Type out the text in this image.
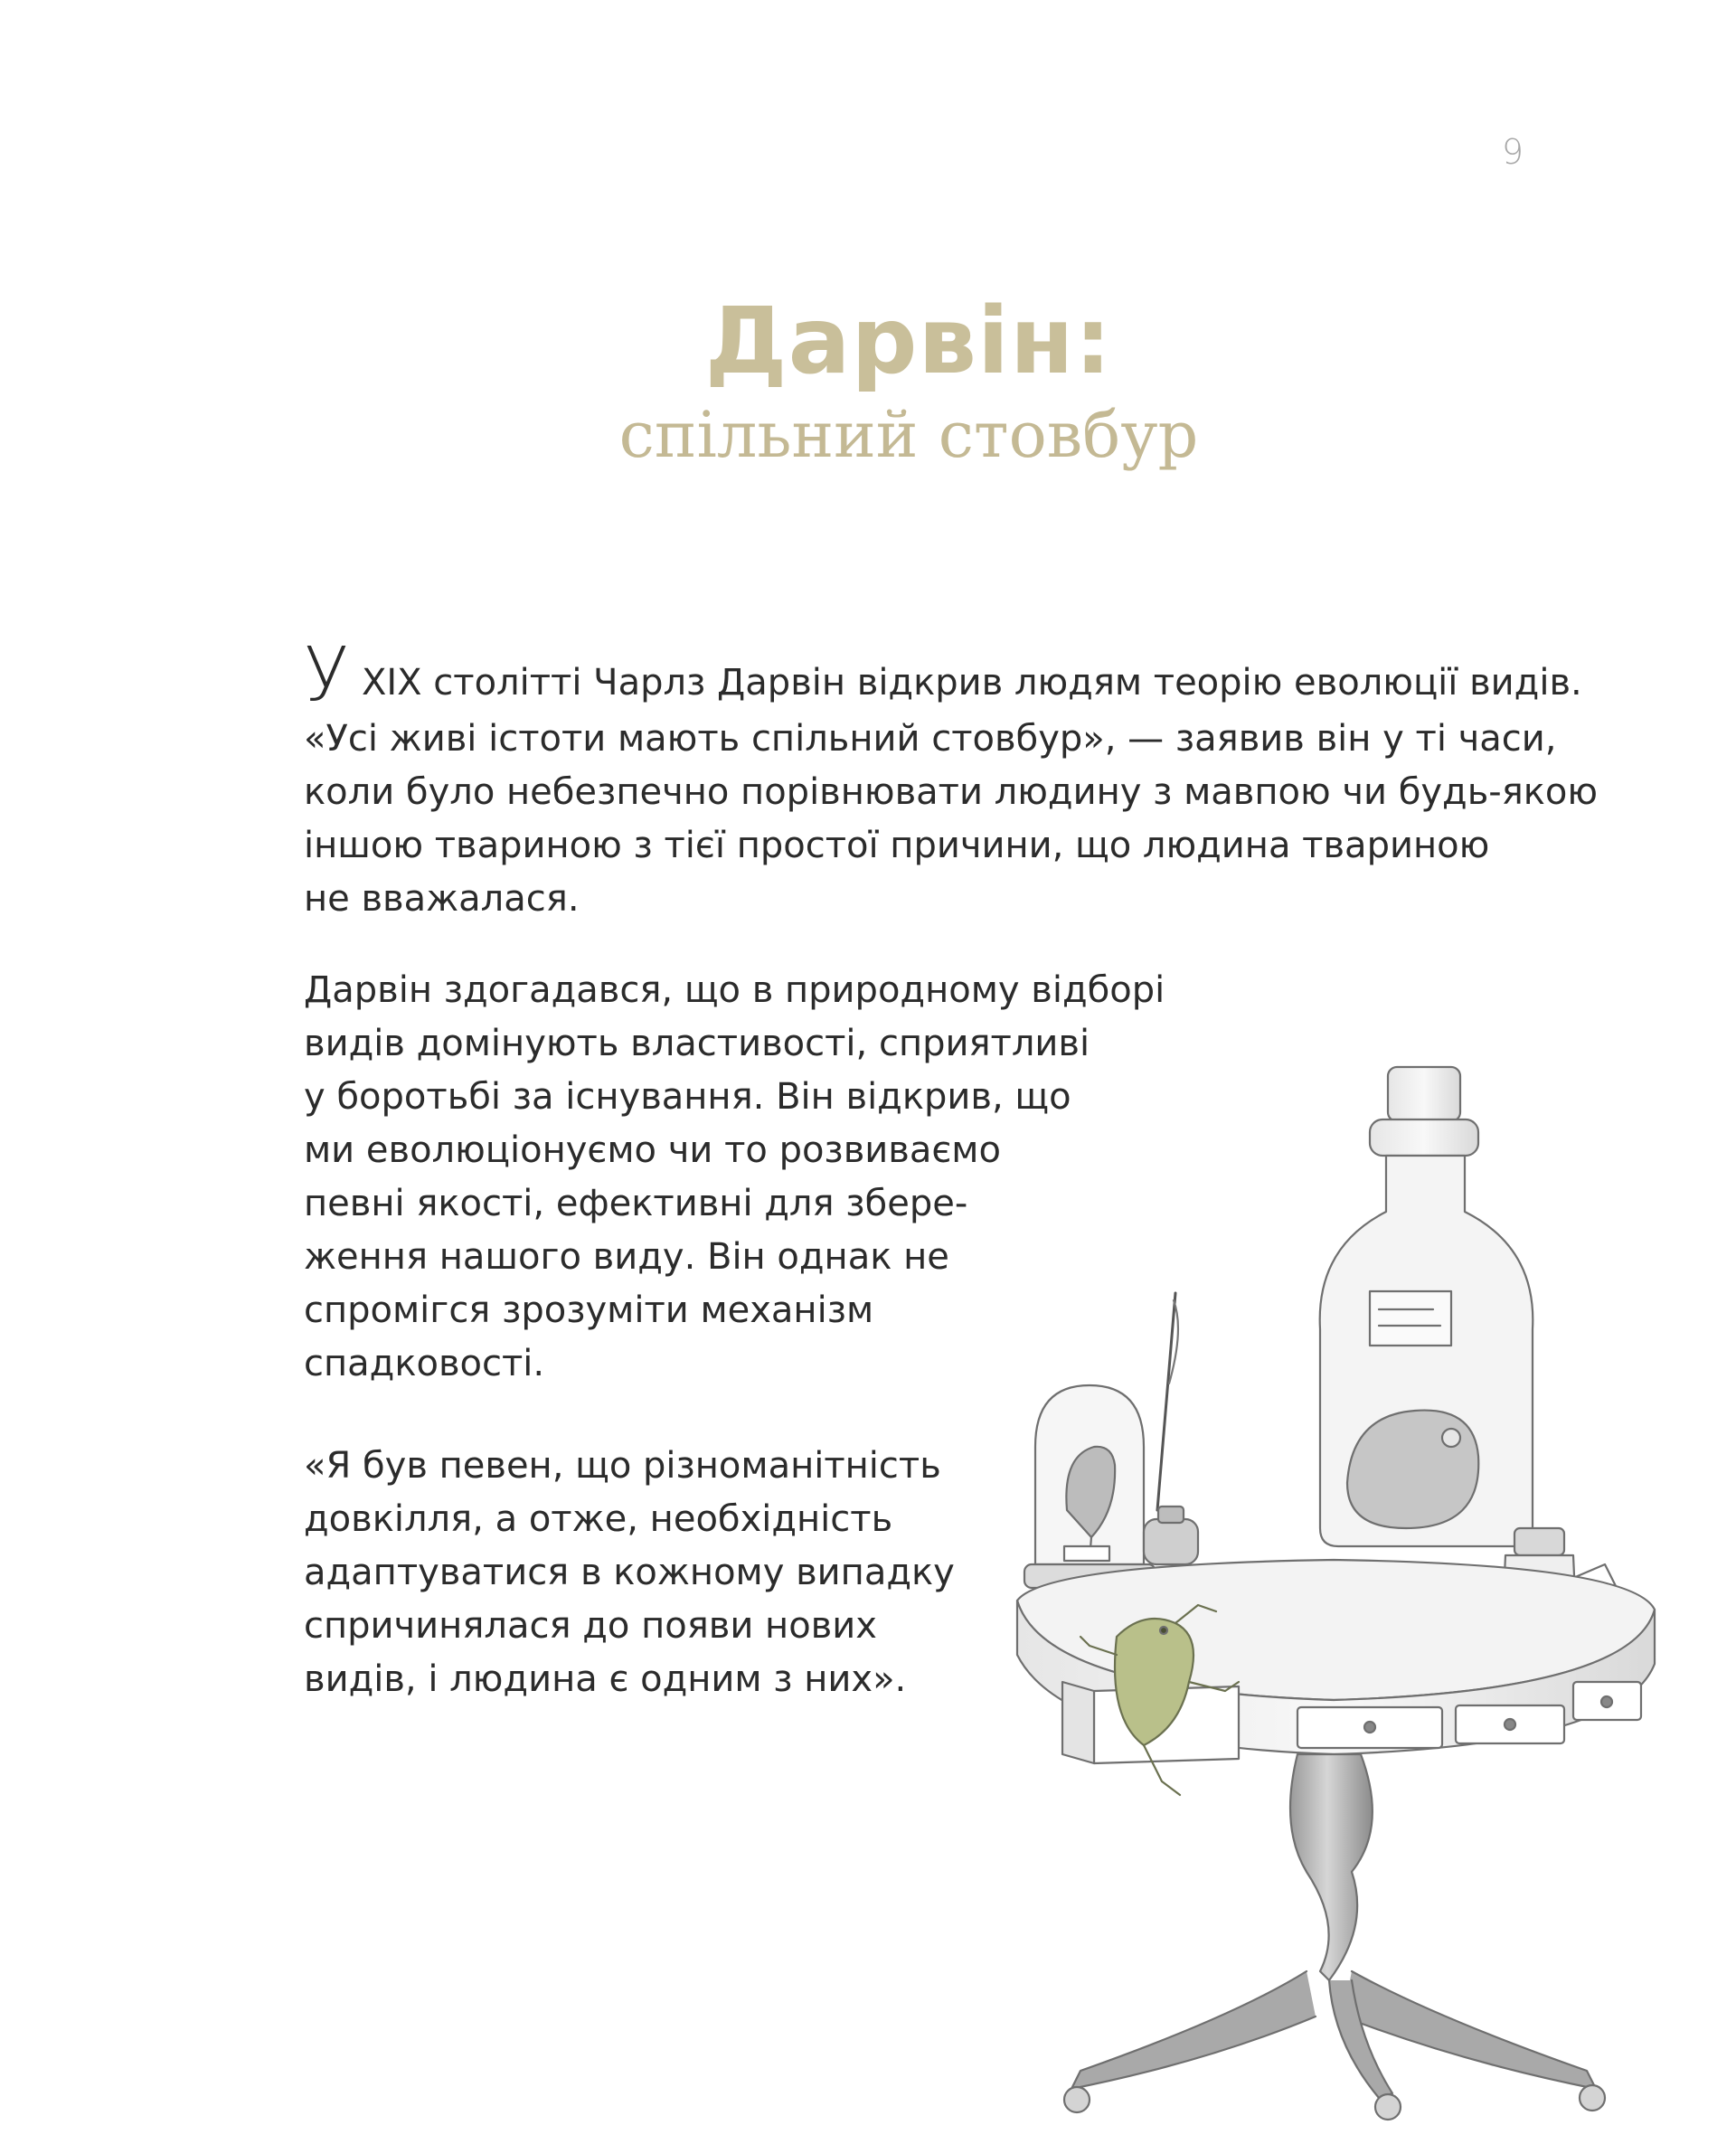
9
Дарвін:
спільний стовбур

УXIX столітті Чарлз Дарвін відкрив людям теорію еволюції видів.
«Усі живі істоти мають спільний стовбур», — заявив він у ті часи,
коли було небезпечно порівнювати людину з мавпою чи будь-якою
іншою твариною з тієї простої причини, що людина твариною
не вважалася.

Дарвін здогадався, що в природному відборі
видів домінують властивості, сприятливі
у боротьбі за існування. Він відкрив, що
ми еволюціонуємо чи то розвиваємо
певні якості, ефективні для збере-
ження нашого виду. Він однак не
спромігся зрозуміти механізм
спадковості.

«Я був певен, що різноманітність
довкілля, а отже, необхідність
адаптуватися в кожному випадку
спричинялася до появи нових
видів, і людина є одним з них».
